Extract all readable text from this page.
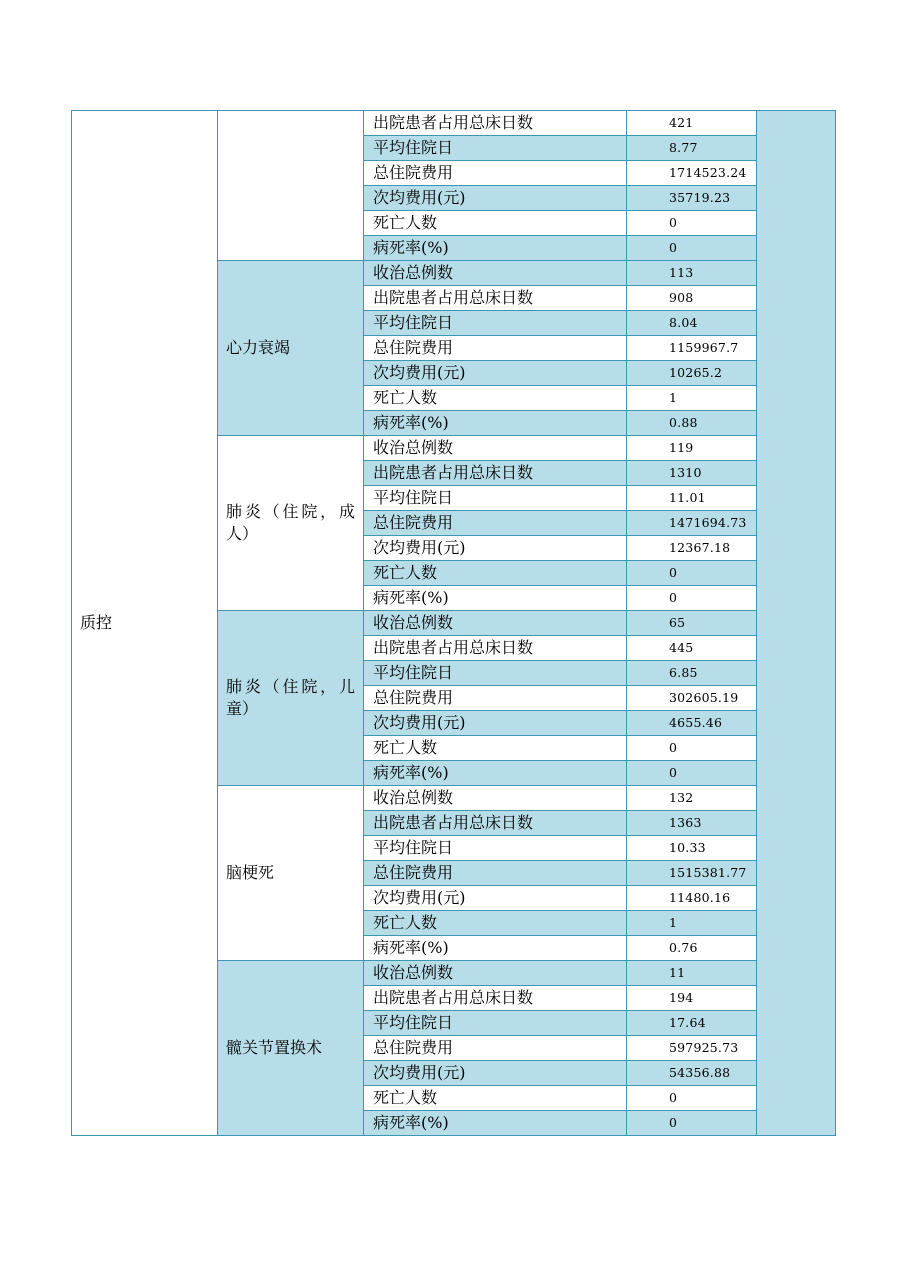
质控		出院患者占用总床日数	421	

		平均住院日	8.77	

		总住院费用	1714523.24	

		次均费用(元)	35719.23	

		死亡人数	0	

		病死率(%)	0	

	心力衰竭	收治总例数	113	

		出院患者占用总床日数	908	

		平均住院日	8.04	

		总住院费用	1159967.7	

		次均费用(元)	10265.2	

		死亡人数	1	

		病死率(%)	0.88	

	肺炎（住院，成人）	收治总例数	119	

		出院患者占用总床日数	1310	

		平均住院日	11.01	

		总住院费用	1471694.73	

		次均费用(元)	12367.18	

		死亡人数	0	

		病死率(%)	0	

	肺炎（住院，儿童）	收治总例数	65	

		出院患者占用总床日数	445	

		平均住院日	6.85	

		总住院费用	302605.19	

		次均费用(元)	4655.46	

		死亡人数	0	

		病死率(%)	0	

	脑梗死	收治总例数	132	

		出院患者占用总床日数	1363	

		平均住院日	10.33	

		总住院费用	1515381.77	

		次均费用(元)	11480.16	

		死亡人数	1	

		病死率(%)	0.76	

	髋关节置换术	收治总例数	11	

		出院患者占用总床日数	194	

		平均住院日	17.64	

		总住院费用	597925.73	

		次均费用(元)	54356.88	

		死亡人数	0	

		病死率(%)	0	
